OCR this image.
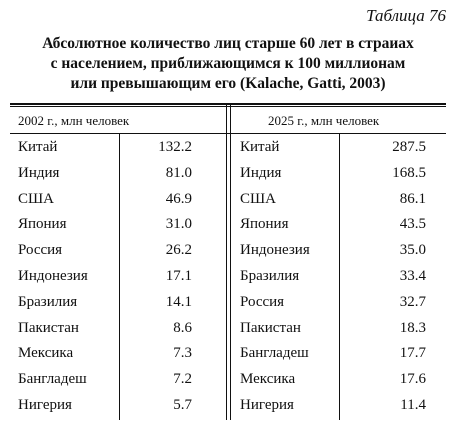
Таблица 76
Абсолютное количество лиц старше 60 лет в страиах
с населением, приближающимся к 100 миллионам
или превышающим его (Kalache, Gatti, 2003)
2002 г., млн человек	2025 г., млн человек
Китай	132.2	Китай	287.5
Индия	81.0	Индия	168.5
США	46.9	США	86.1
Япония	31.0	Япония	43.5
Россия	26.2	Индонезия	35.0
Индонезия	17.1	Бразилия	33.4
Бразилия	14.1	Россия	32.7
Пакистан	8.6	Пакистан	18.3
Мексика	7.3	Бангладеш	17.7
Бангладеш	7.2	Мексика	17.6
Нигерия	5.7	Нигерия	11.4
